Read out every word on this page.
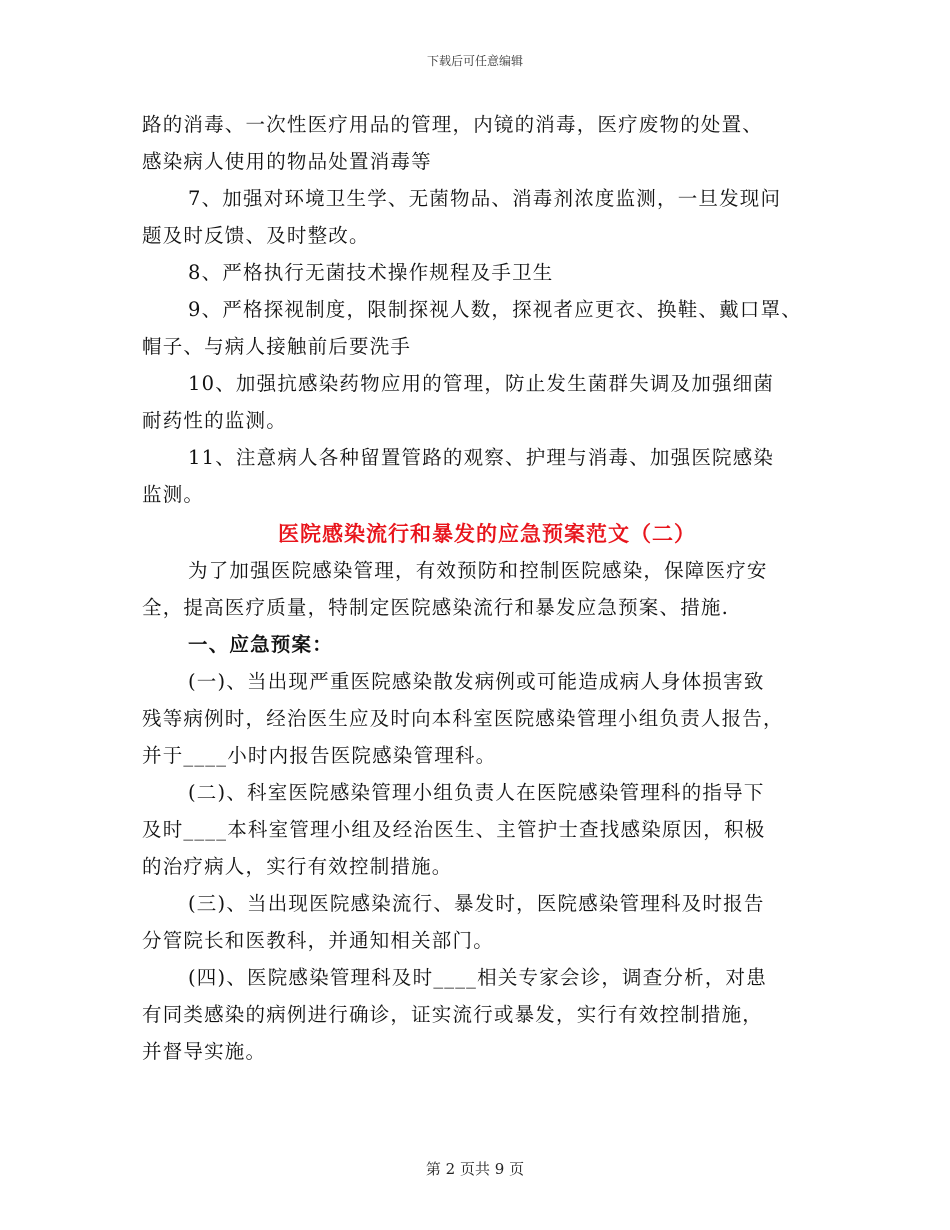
下载后可任意编辑
路的消毒、一次性医疗用品的管理，内镜的消毒，医疗废物的处置、
感染病人使用的物品处置消毒等
7、加强对环境卫生学、无菌物品、消毒剂浓度监测，一旦发现问
题及时反馈、及时整改。
8、严格执行无菌技术操作规程及手卫生
9、严格探视制度，限制探视人数，探视者应更衣、换鞋、戴口罩、
帽子、与病人接触前后要洗手
10、加强抗感染药物应用的管理，防止发生菌群失调及加强细菌
耐药性的监测。
11、注意病人各种留置管路的观察、护理与消毒、加强医院感染
监测。
医院感染流行和暴发的应急预案范文（二）
为了加强医院感染管理，有效预防和控制医院感染，保障医疗安
全，提高医疗质量，特制定医院感染流行和暴发应急预案、措施.
一、应急预案：
(一)、当出现严重医院感染散发病例或可能造成病人身体损害致
残等病例时，经治医生应及时向本科室医院感染管理小组负责人报告，
并于____小时内报告医院感染管理科。
(二)、科室医院感染管理小组负责人在医院感染管理科的指导下
及时____本科室管理小组及经治医生、主管护士查找感染原因，积极
的治疗病人，实行有效控制措施。
(三)、当出现医院感染流行、暴发时，医院感染管理科及时报告
分管院长和医教科，并通知相关部门。
(四)、医院感染管理科及时____相关专家会诊，调查分析，对患
有同类感染的病例进行确诊，证实流行或暴发，实行有效控制措施，
并督导实施。
第 2 页共 9 页
